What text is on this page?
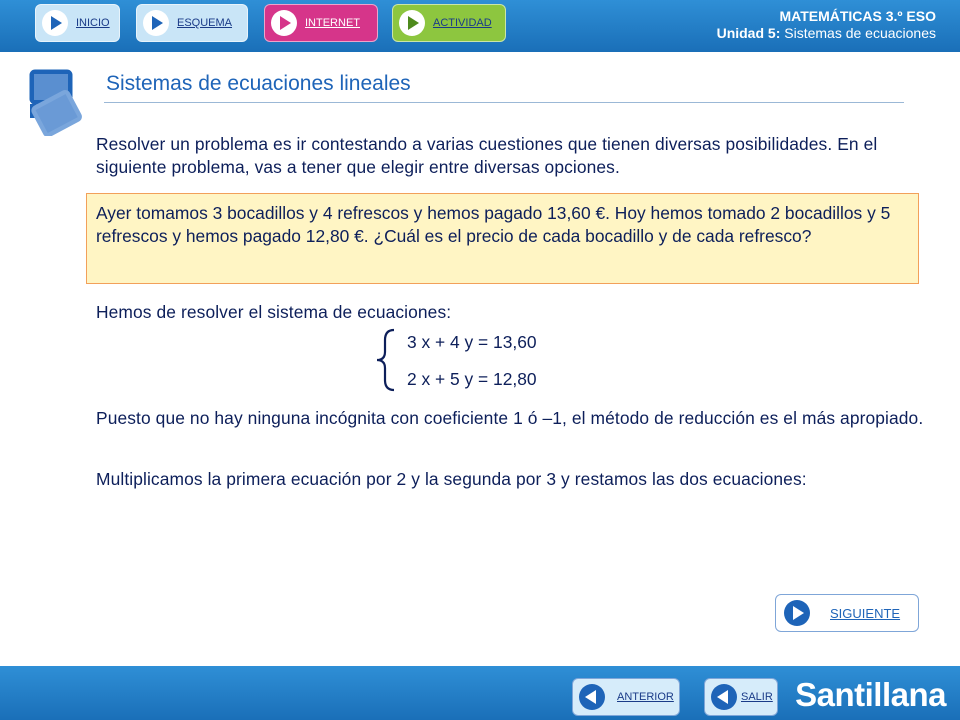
INICIO	ESQUEMA	INTERNET	ACTIVIDAD	MATEMÁTICAS 3.º ESO
Unidad 5: Sistemas de ecuaciones
Sistemas de ecuaciones lineales
Resolver un problema es ir contestando a varias cuestiones que tienen diversas posibilidades. En el siguiente problema, vas a tener que elegir entre diversas opciones.
Ayer tomamos 3 bocadillos y 4 refrescos y hemos pagado 13,60 €. Hoy hemos tomado 2 bocadillos y 5 refrescos y hemos pagado 12,80 €. ¿Cuál es el precio de cada bocadillo y de cada refresco?
Hemos de resolver el sistema de ecuaciones:
3 x + 4 y = 13,60
2 x + 5 y = 12,80
Puesto que no hay ninguna incógnita con coeficiente 1 ó –1, el método de reducción es el más apropiado.
Multiplicamos la primera ecuación por 2 y la segunda por 3 y restamos las dos ecuaciones:
SIGUIENTE
ANTERIOR	SALIR Santillana
